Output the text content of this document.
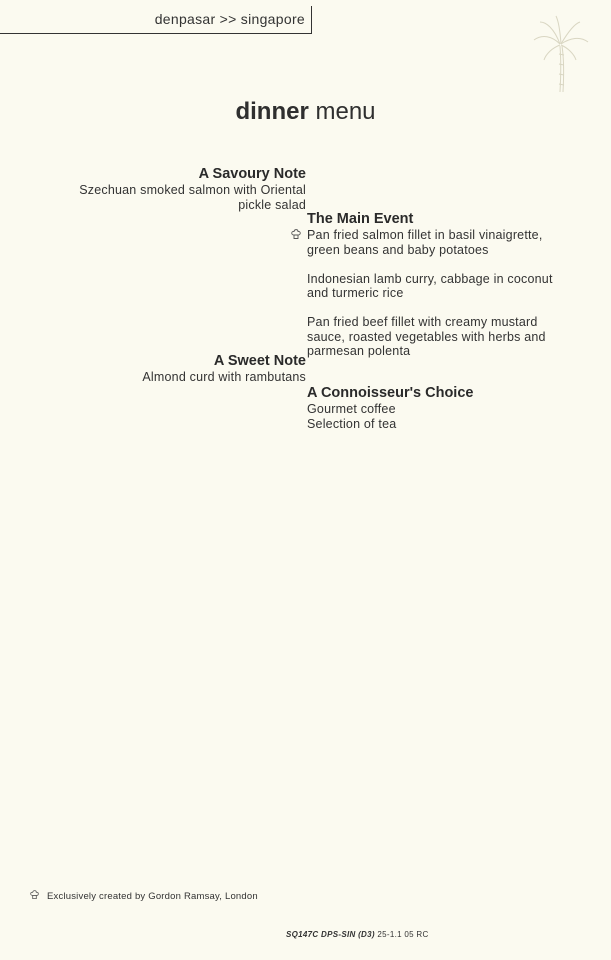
denpasar >> singapore
dinner menu
A Savoury Note
Szechuan smoked salmon with Oriental
pickle salad
The Main Event
Pan fried salmon fillet in basil vinaigrette,
green beans and baby potatoes
Indonesian lamb curry, cabbage in coconut
and turmeric rice
Pan fried beef fillet with creamy mustard
sauce, roasted vegetables with herbs and
parmesan polenta
A Sweet Note
Almond curd with rambutans
A Connoisseur's Choice
Gourmet coffee
Selection of tea
Exclusively created by Gordon Ramsay, London
SQ147C DPS-SIN (D3) 25-1.1 05 RC
